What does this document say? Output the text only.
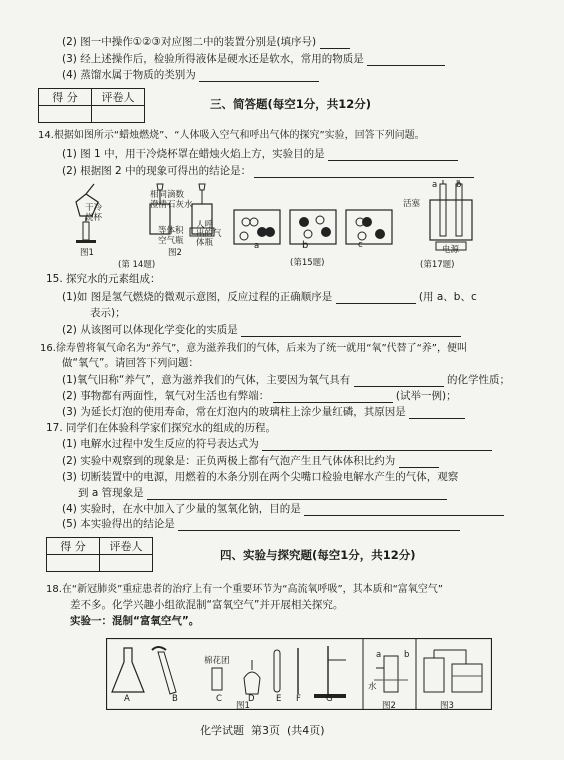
(2) 图一中操作①②③对应图二中的装置分别是(填序号)
(3) 经上述操作后，检验所得液体是硬水还是软水，常用的物质是
(4) 蒸馏水属于物质的类别为
得 分	评卷人
		三、简答题(每空1分，共12分)
14.根据如图所示“蜡烛燃烧”、“人体吸入空气和呼出气体的探究”实验，回答下列问题。
(1) 图 1 中，用干冷烧杯罩在蜡烛火焰上方，实验目的是
(2) 根据图 2 中的现象可得出的结论是：
干冷
烧杯
相同滴数
澄清石灰水
等体积
空气瓶
人呼
出的气
体瓶
图1	图2
(第 14题)
a	b	c
(第15题)
活塞
a b
电源
(第17题)
15. 探究水的元素组成：
(1)如 图是氢气燃烧的微观示意图，反应过程的正确顺序是	(用 a、b、c
表示)；
(2) 从该图可以体现化学变化的实质是
16.徐寿曾将氧气命名为“养气”，意为滋养我们的气体，后来为了统一就用“氧”代替了“养”，便叫
做“氧气”。请回答下列问题：
(1)氧气旧称“养气”，意为滋养我们的气体，主要因为氧气具有	的化学性质；
(2) 事物都有两面性，氧气对生活也有弊端：	(试举一例)；
(3) 为延长灯泡的使用寿命，常在灯泡内的玻璃柱上涂少量红磷，其原因是
17. 同学们在体验科学家们探究水的组成的历程。
(1) 电解水过程中发生反应的符号表达式为
(2) 实验中观察到的现象是：正负两极上都有气泡产生且气体体积比约为
(3) 切断装置中的电源，用燃着的木条分别在两个尖嘴口检验电解水产生的气体，观察
到 a 管现象是
(4) 实验时，在水中加入了少量的氢氧化钠，目的是
(5) 本实验得出的结论是
得 分	评卷人

四、实验与探究题(每空1分，共12分)
18.在“新冠肺炎”重症患者的治疗上有一个重要环节为“高流氧呼吸”，其本质和“富氧空气”
差不多。化学兴趣小组欲混制“富氧空气”并开展相关探究。
实验一：混制“富氧空气”。
A	B	C	D	E F	G
棉花团
图1
水
a	b
图2	图3
化学试题 第3页 (共4页)
